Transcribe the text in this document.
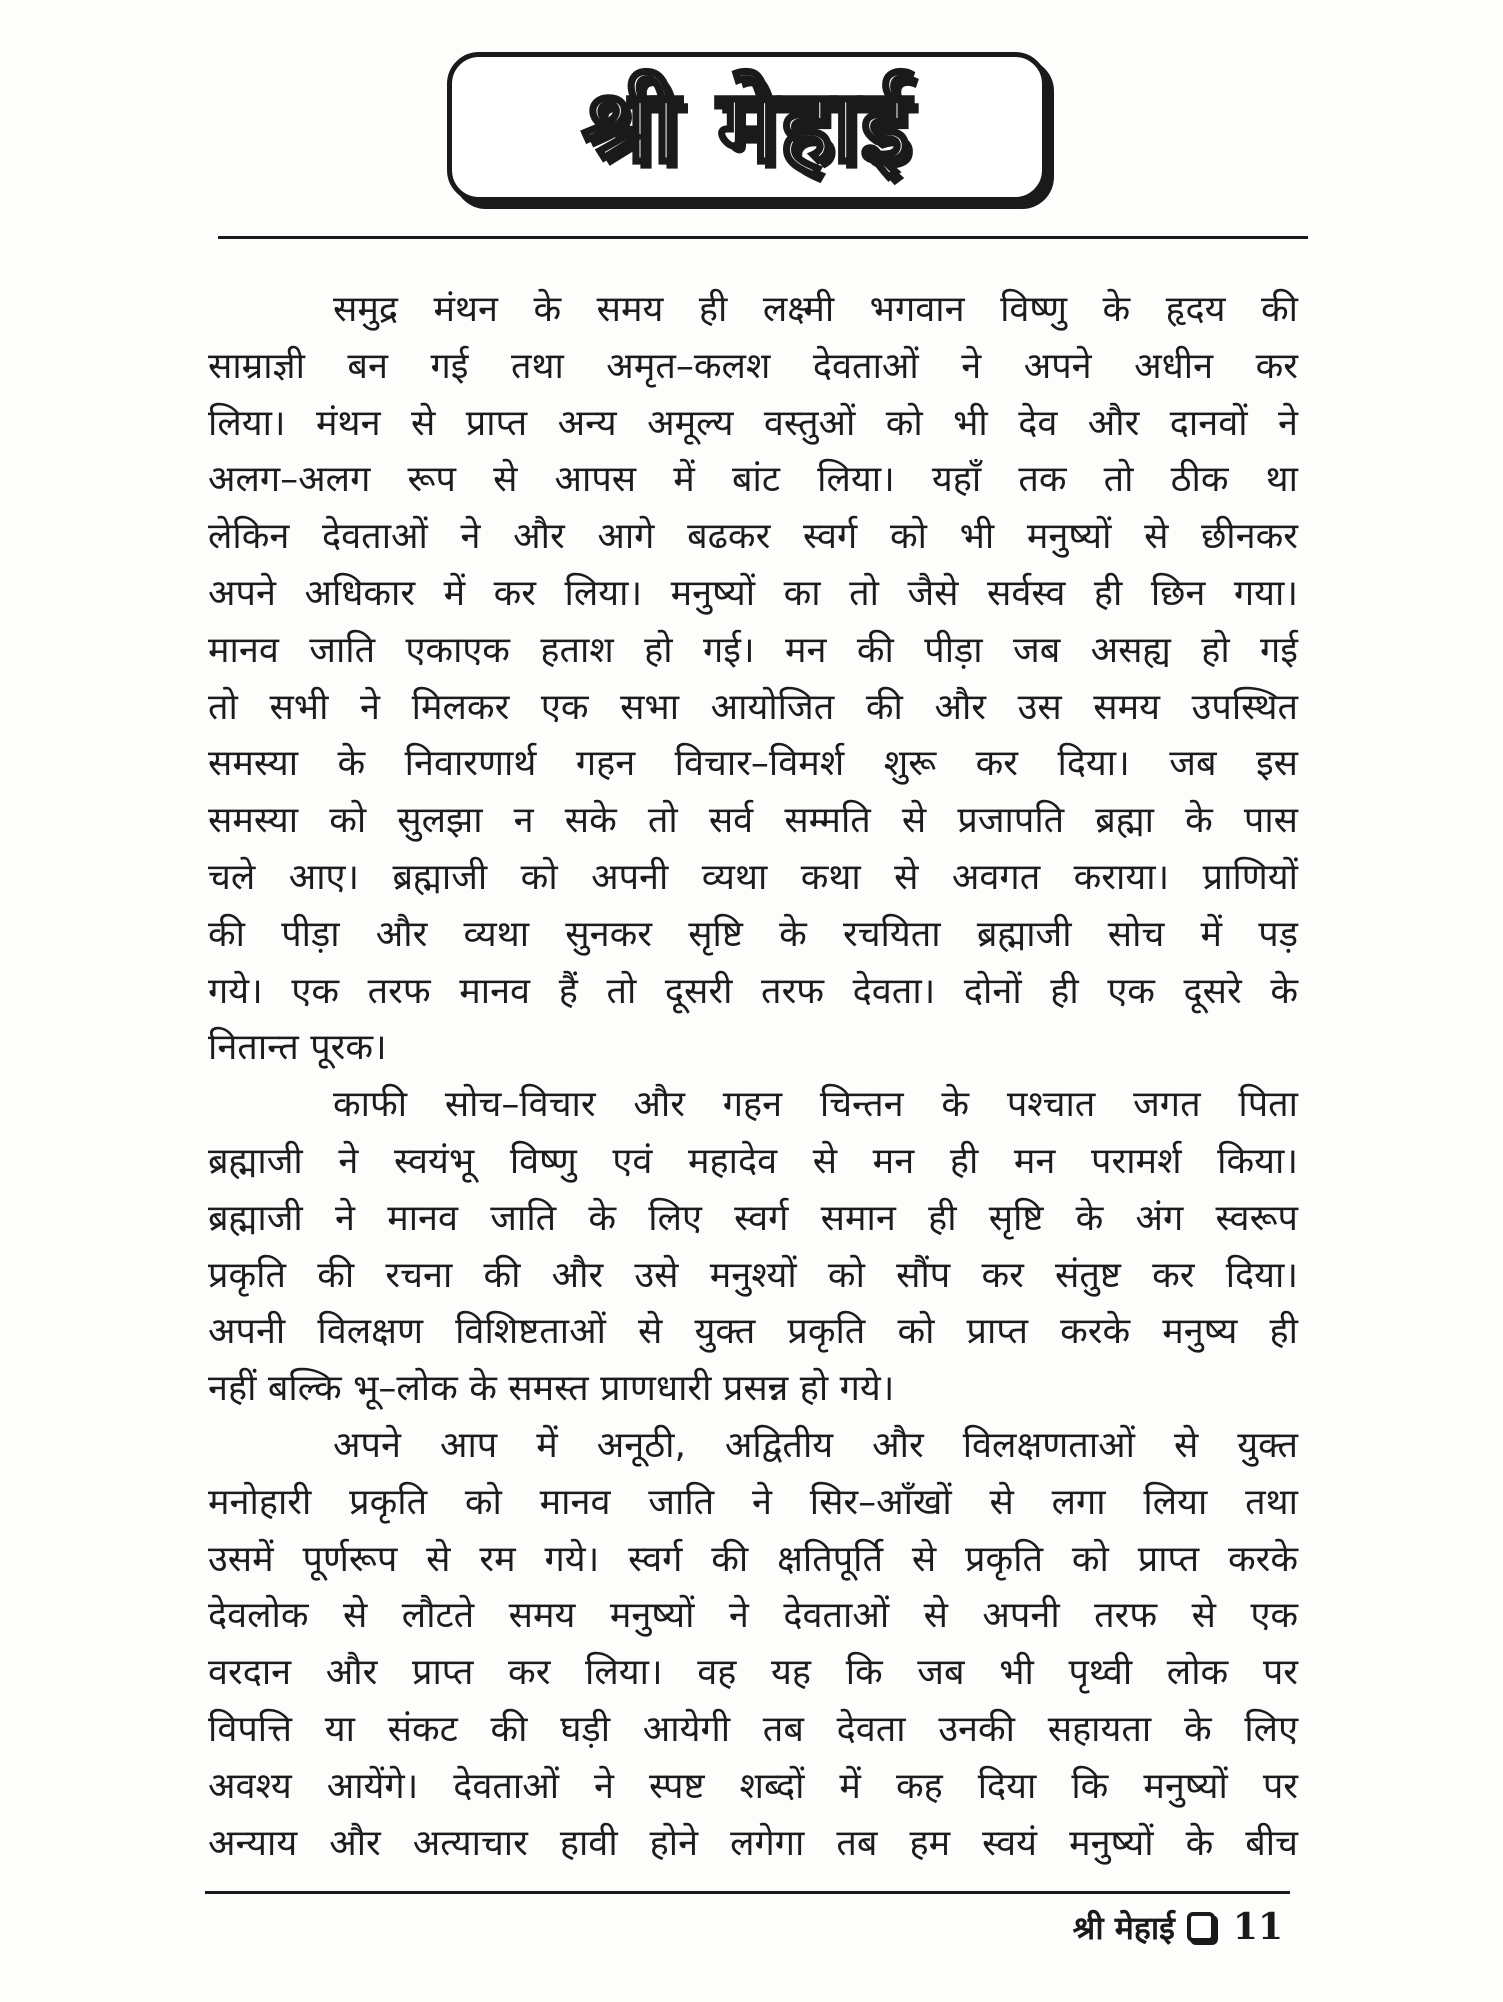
श्री मेहाई
समुद्र मंथन के समय ही लक्ष्मी भगवान विष्णु के हृदय की
साम्राज्ञी बन गई तथा अमृत–कलश देवताओं ने अपने अधीन कर
लिया। मंथन से प्राप्त अन्य अमूल्य वस्तुओं को भी देव और दानवों ने
अलग–अलग रूप से आपस में बांट लिया। यहाँ तक तो ठीक था
लेकिन देवताओं ने और आगे बढकर स्वर्ग को भी मनुष्यों से छीनकर
अपने अधिकार में कर लिया। मनुष्यों का तो जैसे सर्वस्व ही छिन गया।
मानव जाति एकाएक हताश हो गई। मन की पीड़ा जब असह्य हो गई
तो सभी ने मिलकर एक सभा आयोजित की और उस समय उपस्थित
समस्या के निवारणार्थ गहन विचार–विमर्श शुरू कर दिया। जब इस
समस्या को सुलझा न सके तो सर्व सम्मति से प्रजापति ब्रह्मा के पास
चले आए। ब्रह्माजी को अपनी व्यथा कथा से अवगत कराया। प्राणियों
की पीड़ा और व्यथा सुनकर सृष्टि के रचयिता ब्रह्माजी सोच में पड़
गये। एक तरफ मानव हैं तो दूसरी तरफ देवता। दोनों ही एक दूसरे के
नितान्त पूरक।
काफी सोच–विचार और गहन चिन्तन के पश्चात जगत पिता
ब्रह्माजी ने स्वयंभू विष्णु एवं महादेव से मन ही मन परामर्श किया।
ब्रह्माजी ने मानव जाति के लिए स्वर्ग समान ही सृष्टि के अंग स्वरूप
प्रकृति की रचना की और उसे मनुश्यों को सौंप कर संतुष्ट कर दिया।
अपनी विलक्षण विशिष्टताओं से युक्त प्रकृति को प्राप्त करके मनुष्य ही
नहीं बल्कि भू–लोक के समस्त प्राणधारी प्रसन्न हो गये।
अपने आप में अनूठी, अद्वितीय और विलक्षणताओं से युक्त
मनोहारी प्रकृति को मानव जाति ने सिर–आँखों से लगा लिया तथा
उसमें पूर्णरूप से रम गये। स्वर्ग की क्षतिपूर्ति से प्रकृति को प्राप्त करके
देवलोक से लौटते समय मनुष्यों ने देवताओं से अपनी तरफ से एक
वरदान और प्राप्त कर लिया। वह यह कि जब भी पृथ्वी लोक पर
विपत्ति या संकट की घड़ी आयेगी तब देवता उनकी सहायता के लिए
अवश्य आयेंगे। देवताओं ने स्पष्ट शब्दों में कह दिया कि मनुष्यों पर
अन्याय और अत्याचार हावी होने लगेगा तब हम स्वयं मनुष्यों के बीच
श्री मेहाई 11
